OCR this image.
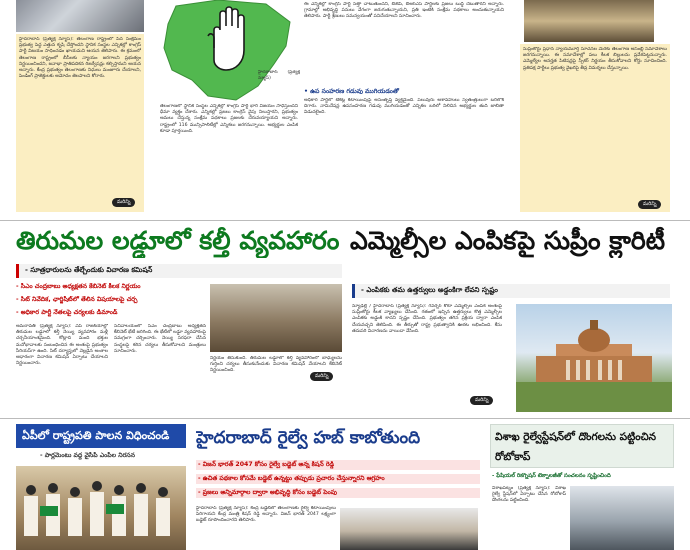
హైదరాబాద్ (ప్రత్యక్ష న్యూస్): తెలంగాణ రాష్ట్రంలో పేద సంక్షేమం ప్రభుత్వ పెద్ద ఎత్తున కృషి చేస్తోందని స్థానిక సంస్థల ఎన్నికల్లో కాంగ్రెస్ పార్టీ విజయం సాధించడం ఖాయమని ఆయన తెలిపారు. ఈ క్రమంలో తెలంగాణ రాష్ట్రంలో బీసీలకు న్యాయం జరగాలని ప్రభుత్వం నిర్ణయించిందని, జనాభా ప్రాతిపదికన రిజర్వేషన్లు కల్పిస్తామని ఆయన అన్నారు. కేంద్ర ప్రభుత్వం తెలంగాణకు నిధులు మంజూరు చేయాలని, పెండింగ్ ప్రాజెక్టులకు ఆమోదం తెలపాలని కోరారు.
మరిన్ని
హైదరాబాద్ (ప్రత్యక్ష న్యూస్)
తెలంగాణలో స్థానిక సంస్థల ఎన్నికల్లో కాంగ్రెస్ పార్టీ భారీ విజయం సాధిస్తుందని ధీమా వ్యక్తం చేశారు. ఎన్నికల్లో ప్రజలు కాంగ్రెస్ వైపు నిలుస్తారని, ప్రభుత్వం అమలు చేస్తున్న సంక్షేమ పథకాలు ప్రజలకు చేరువయ్యాయని అన్నారు. రాష్ట్రంలో 116 మున్సిపాలిటీల్లో ఎన్నికలు జరగనున్నాయి. అభ్యర్థుల ఎంపిక కూడా పూర్తయింది.
ఈ ఎన్నికల్లో కాంగ్రెస్ పార్టీ సత్తా చాటుతుందని, బీజేపీ, బీఆర్ఎస్ పార్టీలకు ప్రజలు బుద్ధి చెబుతారని అన్నారు. గ్రామాల్లో అభివృద్ధి పనులు వేగంగా జరుగుతున్నాయని, ప్రతి ఇంటికి సంక్షేమ పథకాలు అందుతున్నాయని తెలిపారు. పార్టీ శ్రేణులు సమన్వయంతో పనిచేయాలని సూచించారు.
• ఉప సంహరణ గడువు ముగియడంతో
అధికార పార్టీలో టికెట్ల కేటాయింపుపై అసంతృప్తి వ్యక్తమైంది. పలువురు ఆశావహులు స్వతంత్రులుగా బరిలోకి దిగారు. నామినేషన్ల ఉపసంహరణ గడువు ముగియడంతో ఎన్నికల బరిలో నిలిచిన అభ్యర్థుల తుది జాబితా విడుదలైంది.
సుప్రీంకోర్టు ప్రధాన న్యాయమూర్తి సూచనల మేరకు తెలంగాణ అసెంబ్లీ సమావేశాలు జరగనున్నాయి. ఈ సమావేశాల్లో పలు కీలక బిల్లులను ప్రవేశపెట్టనున్నారు. ఎమ్మెల్యేల అనర్హత పిటిషన్లపై స్పీకర్ నిర్ణయం తీసుకోవాలని కోర్టు సూచించింది. ప్రతిపక్ష పార్టీలు ప్రభుత్వ వైఖరిపై తీవ్ర విమర్శలు చేస్తున్నాయి.
మరిన్ని
తిరుమల లడ్డూలో కల్తీ వ్యవహారం ఎమ్మెల్సీల ఎంపికపై సుప్రీం క్లారిటీ
- సూత్రధారులను తేల్చేందుకు విచారణ కమిషన్
- సీఎం చంద్రబాబు అధ్యక్షతన కేబినెట్ కీలక నిర్ణయం
- సిట్ నివేదిక, ఛార్జిషీట్‌లో తేలిన విషయాలపై చర్చ
- అధికార పార్టీ నేతలపై చర్యలకు డిమాండ్
అమరావతి (ప్రత్యక్ష న్యూస్): ఏపీ రాజకీయాల్లో తిరుమల లడ్డూలో కల్తీ నెయ్యి వ్యవహారం మళ్లీ చర్చనీయాంశమైంది. కోట్లాది మంది భక్తుల మనోభావాలకు సంబంధించిన ఈ అంశంపై ప్రభుత్వం సీరియస్‌గా ఉంది. సిట్ దర్యాప్తులో వెల్లడైన అంశాల ఆధారంగా విచారణ కమిషన్ ఏర్పాటు చేయాలని నిర్ణయించారు.
సచివాలయంలో సీఎం చంద్రబాబు అధ్యక్షతన కేబినెట్ భేటీ జరిగింది. ఈ భేటీలో లడ్డూ వ్యవహారంపై సమగ్రంగా చర్చించారు. నెయ్యి సరఫరా చేసిన సంస్థలపై కఠిన చర్యలు తీసుకోవాలని మంత్రులు సూచించారు.
నిర్ణయం తీసుకుంది. తిరుమల లడ్డూలో కల్తీ వ్యవహారంలో బాధ్యులను గుర్తించి చర్యలు తీసుకునేందుకు విచారణ కమిషన్ వేయాలని కేబినెట్ నిర్ణయించింది.
మరిన్ని
- ఎంపికకు తమ ఉత్తర్వులు అడ్డంకిగా లేవని స్పష్టం
న్యూఢిల్లీ / హైదరాబాద్ (ప్రత్యక్ష న్యూస్): గవర్నర్ కోటా ఎమ్మెల్సీల ఎంపిక అంశంపై సుప్రీంకోర్టు కీలక వ్యాఖ్యలు చేసింది. గతంలో ఇచ్చిన ఉత్తర్వులు కొత్త ఎమ్మెల్సీల ఎంపికకు అడ్డంకి కాదని స్పష్టం చేసింది. ప్రభుత్వం తగిన ప్రక్రియ ద్వారా ఎంపిక చేయవచ్చని తెలిపింది. ఈ తీర్పుతో రాష్ట్ర ప్రభుత్వానికి ఊరట లభించింది. కేసు తదుపరి విచారణను వాయిదా వేసింది.
మరిన్ని
ఏపీలో రాష్ట్రపతి పాలన విధించండి
- పార్లమెంటు వద్ద వైసీపీ ఎంపీల నిరసన
హైదరాబాద్ రైల్వే హబ్ కాబోతుంది
- విజన్ భారత్ 2047 కోసం రైల్వే బడ్జెట్ అన్న కిషన్ రెడ్డి
- ఉచిత పథకాల కోసమే బడ్జెట్ ఉన్నట్టు తప్పుడు ప్రచారం చేస్తున్నారని ఆగ్రహం
- ప్రజలు అన్నిమార్గాల ద్వారా అభివృద్ధి కోసం బడ్జెట్ పెంపు
హైదరాబాద్ (ప్రత్యక్ష న్యూస్): కేంద్ర బడ్జెట్‌లో తెలంగాణకు రైల్వే కేటాయింపులు పెరిగాయని కేంద్ర మంత్రి కిషన్ రెడ్డి అన్నారు. విజన్ భారత్ 2047 లక్ష్యంగా బడ్జెట్ రూపొందించారని తెలిపారు.
విశాఖ రైల్వేస్టేషన్‌లో దొంగలను పట్టించిన రోబోకాప్
- ఫేషియల్ రికగ్నిషన్ టెక్నాలజీతో సంచలనం సృష్టించింది
విశాఖపట్నం (ప్రత్యక్ష న్యూస్): విశాఖ రైల్వే స్టేషన్‌లో ఏర్పాటు చేసిన రోబోకాప్ దొంగలను పట్టించింది.
